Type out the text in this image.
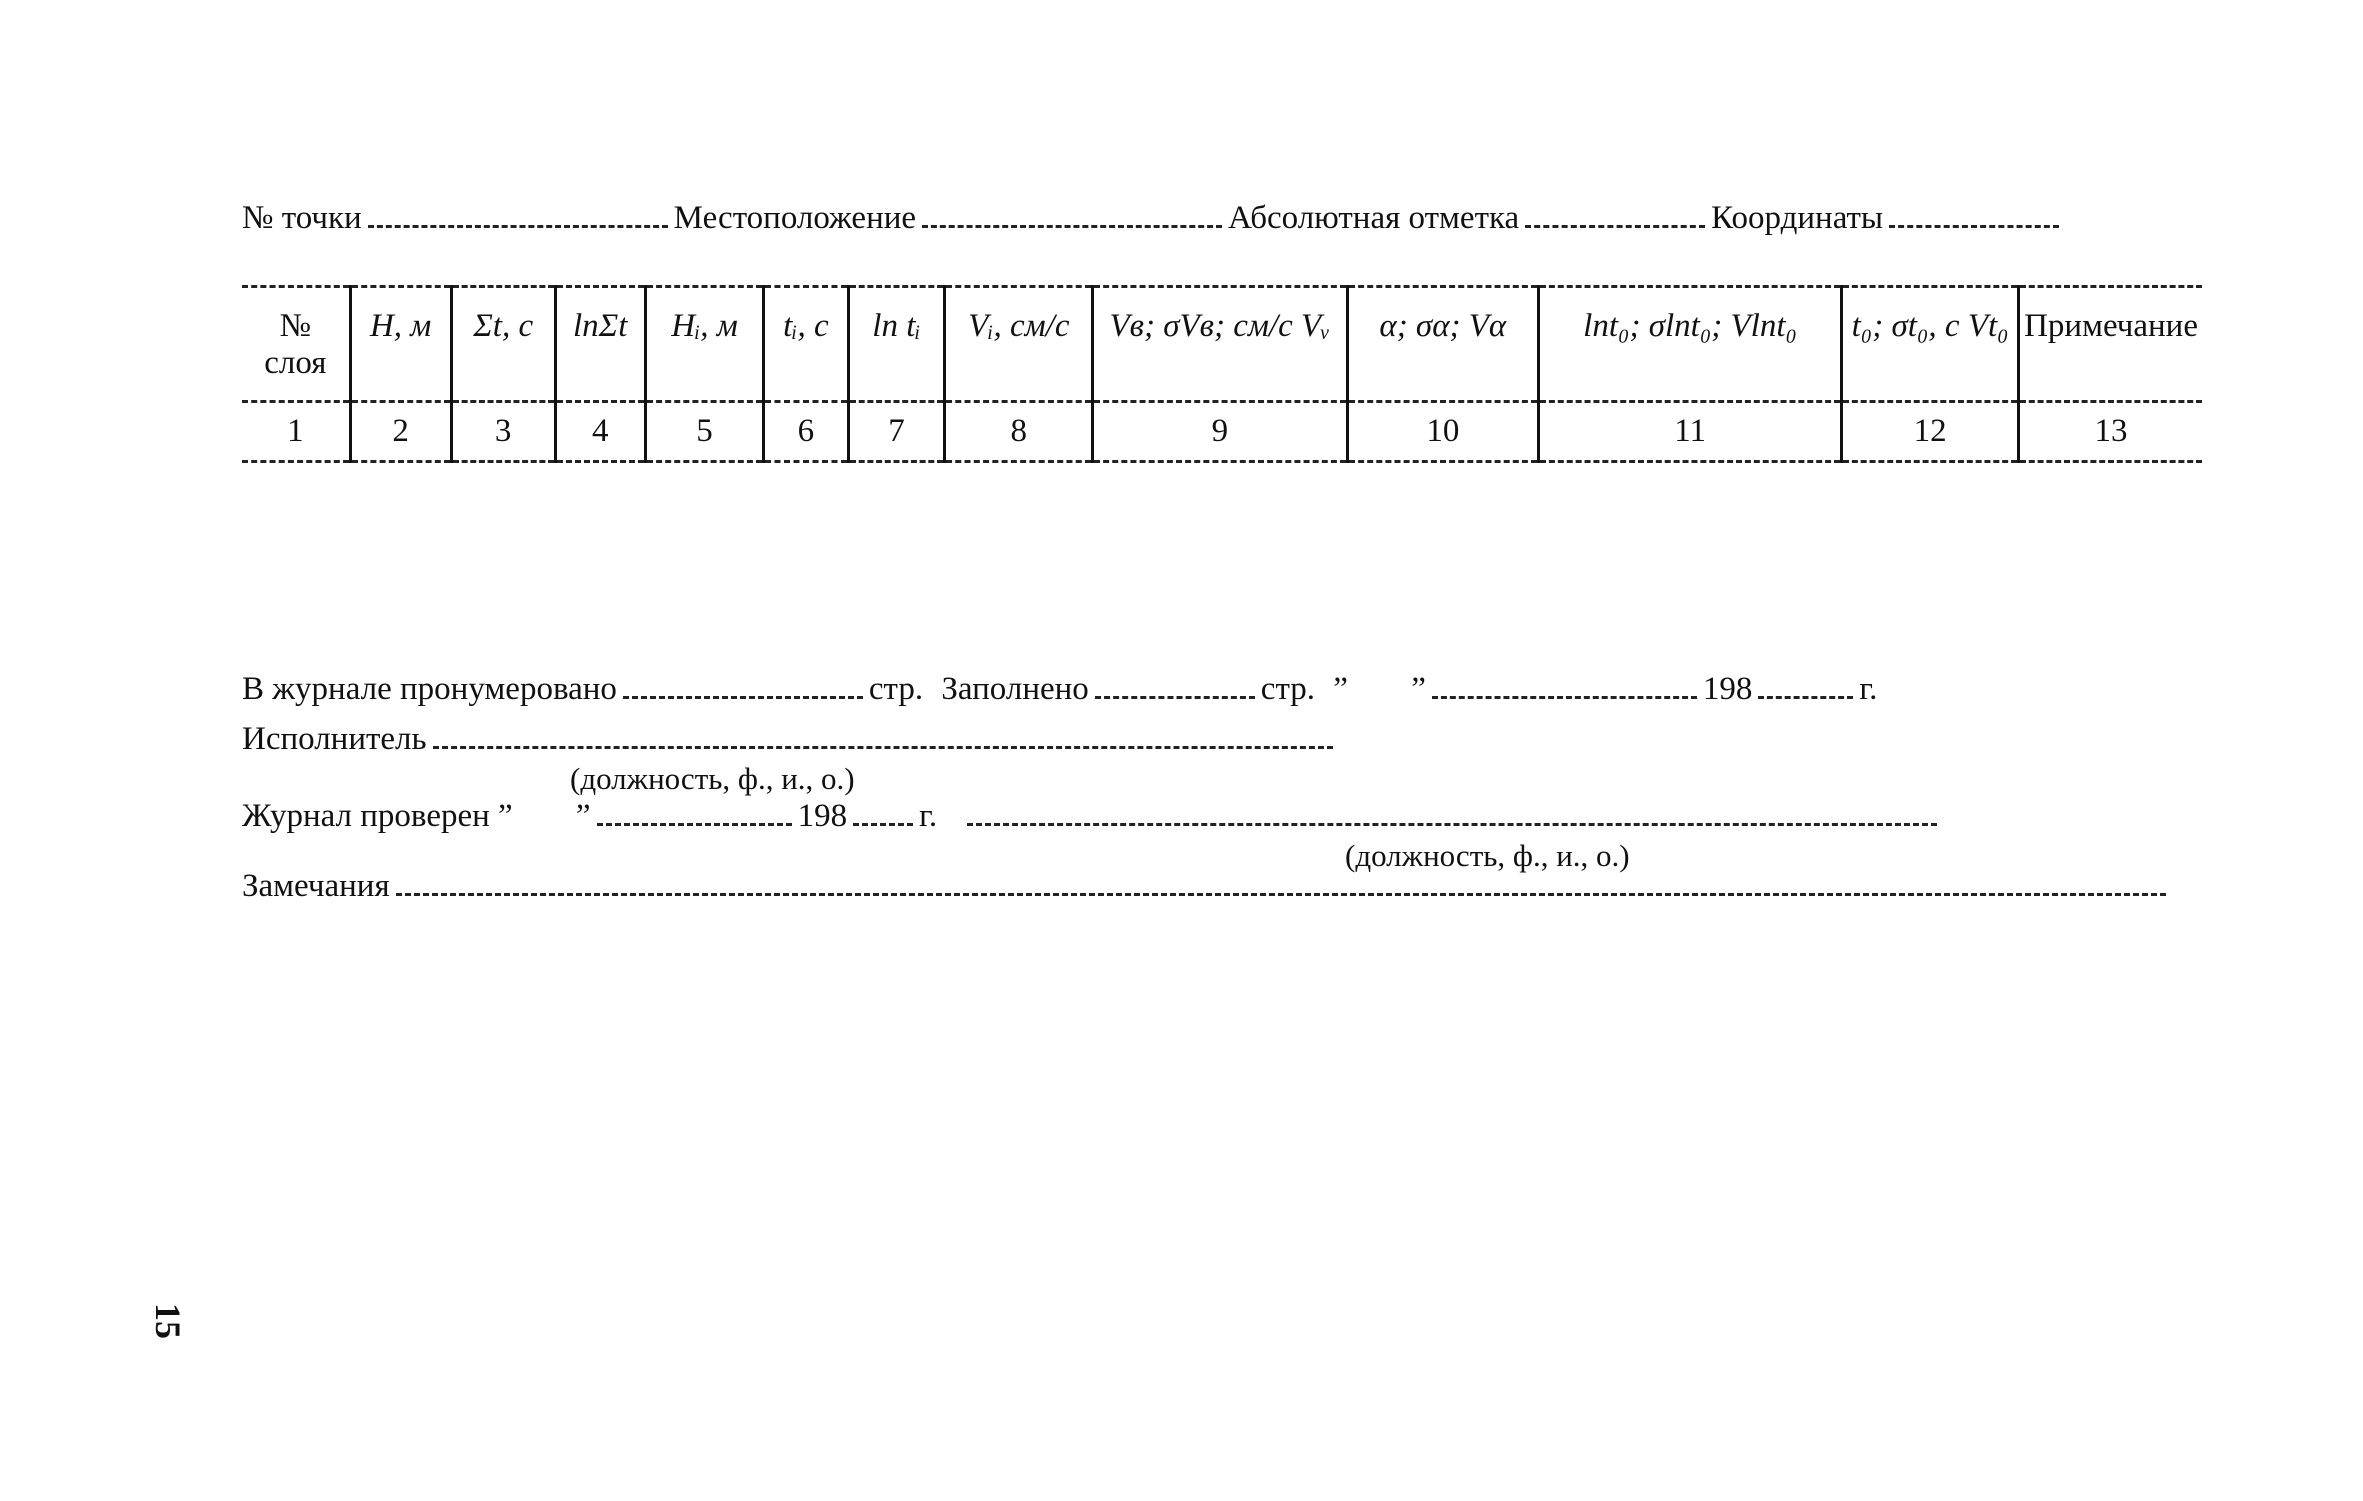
№ точки	Местоположение	Абсолютная отметка	Координаты
№ слоя	H, м	Σt, с	lnΣt	Hᵢ, м	tᵢ, с	ln tᵢ	Vᵢ, см/с	Vв; σVв; см/с Vᵥ	α; σα; Vα	lnt₀; σlnt₀; Vlnt₀	t₀; σt₀, с Vt₀	Примечание
1	2	3	4	5	6	7	8	9	10	11	12	13
В журнале пронумеровано	стр. Заполнено	стр. ” ”	198	г.
Исполнитель
(должность, ф., и., о.)
Журнал проверен ” ”	198 г.
(должность, ф., и., о.)
Замечания
15
